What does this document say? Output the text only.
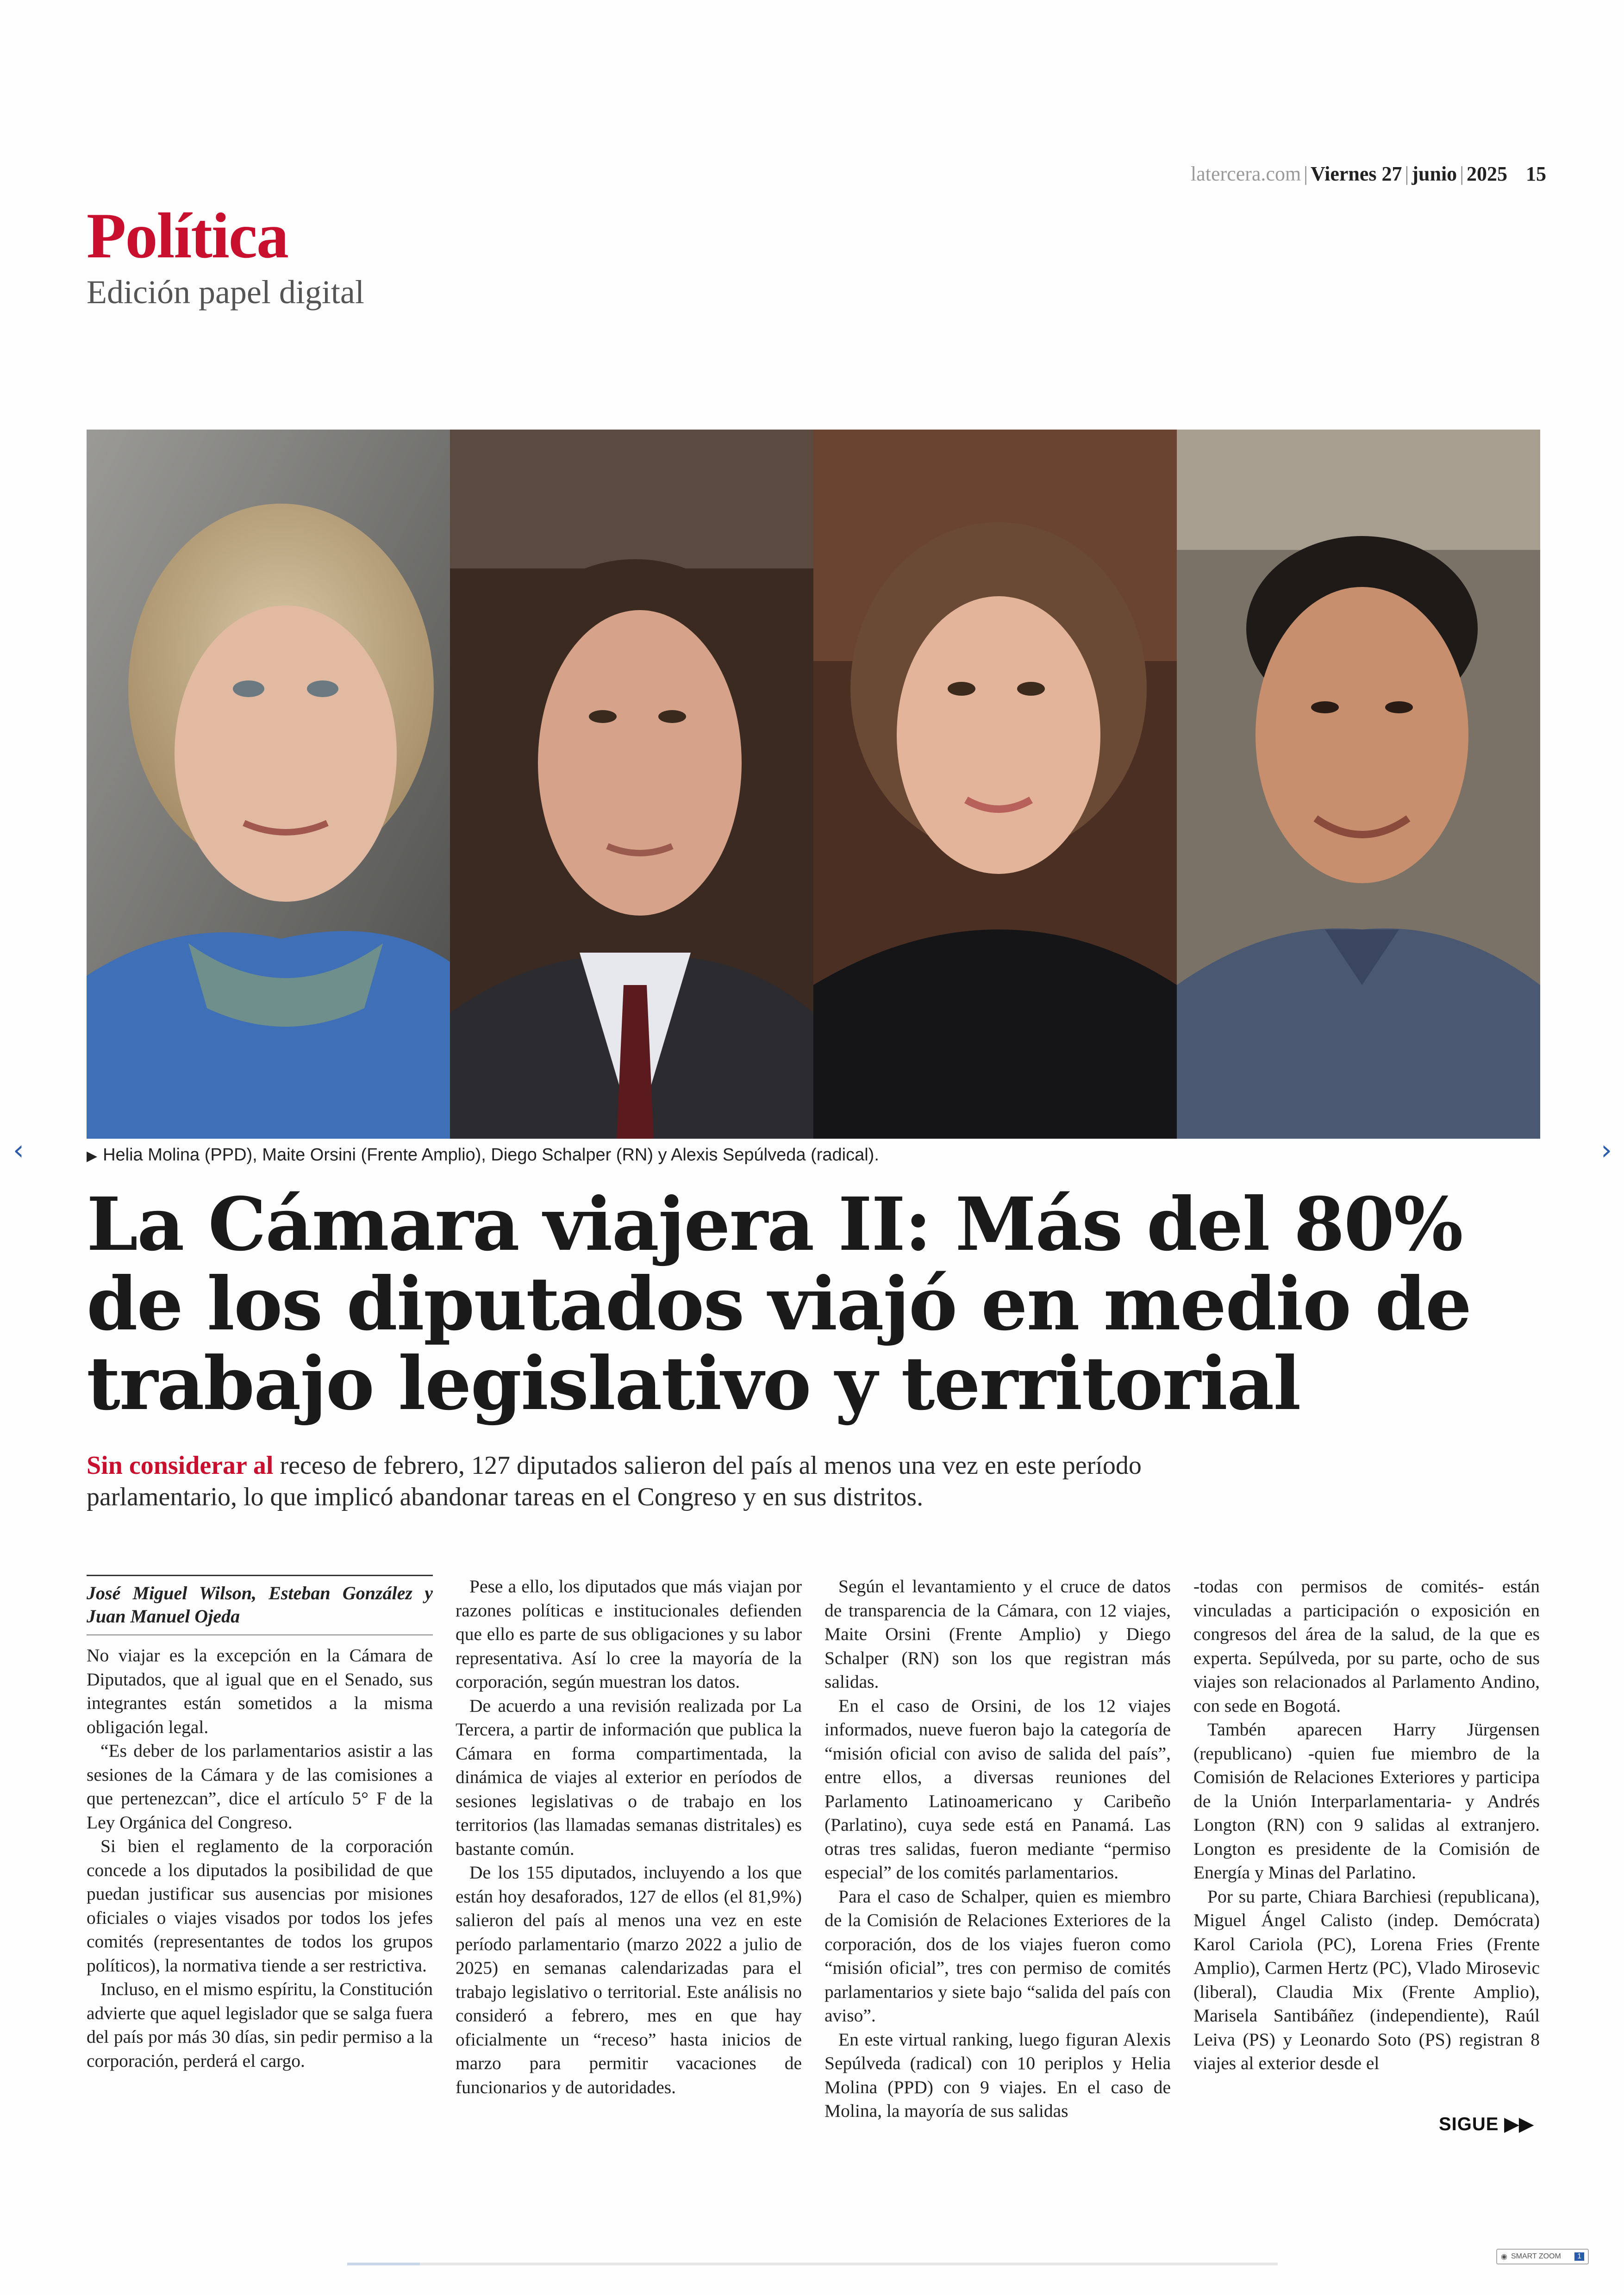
latercera.com | Viernes 27 | junio | 2025 15
Política
Edición papel digital
▶ Helia Molina (PPD), Maite Orsini (Frente Amplio), Diego Schalper (RN) y Alexis Sepúlveda (radical).
‹	›
La Cámara viajera II: Más del 80%
de los diputados viajó en medio de
trabajo legislativo y territorial
Sin considerar al receso de febrero, 127 diputados salieron del país al menos una vez en este período parlamentario, lo que implicó abandonar tareas en el Congreso y en sus distritos.
José Miguel Wilson, Esteban González y Juan Manuel Ojeda

No viajar es la excepción en la Cámara de Diputados, que al igual que en el Senado, sus integrantes están sometidos a la misma obligación legal.

“Es deber de los parlamentarios asistir a las sesiones de la Cámara y de las comisiones a que pertenezcan”, dice el artículo 5° F de la Ley Orgánica del Congreso.

Si bien el reglamento de la corporación concede a los diputados la posibilidad de que puedan justificar sus ausencias por misiones oficiales o viajes visados por todos los jefes comités (representantes de todos los grupos políticos), la normativa tiende a ser restrictiva.

Incluso, en el mismo espíritu, la Constitución advierte que aquel legislador que se salga fuera del país por más 30 días, sin pedir permiso a la corporación, perderá el cargo.

Pese a ello, los diputados que más viajan por razones políticas e institucionales defienden que ello es parte de sus obligaciones y su labor representativa. Así lo cree la mayoría de la corporación, según muestran los datos.

De acuerdo a una revisión realizada por La Tercera, a partir de información que publica la Cámara en forma compartimentada, la dinámica de viajes al exterior en períodos de sesiones legislativas o de trabajo en los territorios (las llamadas semanas distritales) es bastante común.

De los 155 diputados, incluyendo a los que están hoy desaforados, 127 de ellos (el 81,9%) salieron del país al menos una vez en este período parlamentario (marzo 2022 a julio de 2025) en semanas calendarizadas para el trabajo legislativo o territorial. Este análisis no consideró a febrero, mes en que hay oficialmente un “receso” hasta inicios de marzo para permitir vacaciones de funcionarios y de autoridades.

Según el levantamiento y el cruce de datos de transparencia de la Cámara, con 12 viajes, Maite Orsini (Frente Amplio) y Diego Schalper (RN) son los que registran más salidas.

En el caso de Orsini, de los 12 viajes informados, nueve fueron bajo la categoría de “misión oficial con aviso de salida del país”, entre ellos, a diversas reuniones del Parlamento Latinoamericano y Caribeño (Parlatino), cuya sede está en Panamá. Las otras tres salidas, fueron mediante “permiso especial” de los comités parlamentarios.

Para el caso de Schalper, quien es miembro de la Comisión de Relaciones Exteriores de la corporación, dos de los viajes fueron como “misión oficial”, tres con permiso de comités parlamentarios y siete bajo “salida del país con aviso”.

En este virtual ranking, luego figuran Alexis Sepúlveda (radical) con 10 periplos y Helia Molina (PPD) con 9 viajes. En el caso de Molina, la mayoría de sus salidas

-todas con permisos de comités- están vinculadas a participación o exposición en congresos del área de la salud, de la que es experta. Sepúlveda, por su parte, ocho de sus viajes son relacionados al Parlamento Andino, con sede en Bogotá.

Tambén aparecen Harry Jürgensen (republicano) -quien fue miembro de la Comisión de Relaciones Exteriores y participa de la Unión Interparlamentaria- y Andrés Longton (RN) con 9 salidas al extranjero. Longton es presidente de la Comisión de Energía y Minas del Parlatino.

Por su parte, Chiara Barchiesi (republicana), Miguel Ángel Calisto (indep. Demócrata) Karol Cariola (PC), Lorena Fries (Frente Amplio), Carmen Hertz (PC), Vlado Mirosevic (liberal), Claudia Mix (Frente Amplio), Marisela Santibáñez (independiente), Raúl Leiva (PS) y Leonardo Soto (PS) registran 8 viajes al exterior desde el

SIGUE ▶▶
◉ SMART ZOOM	1
